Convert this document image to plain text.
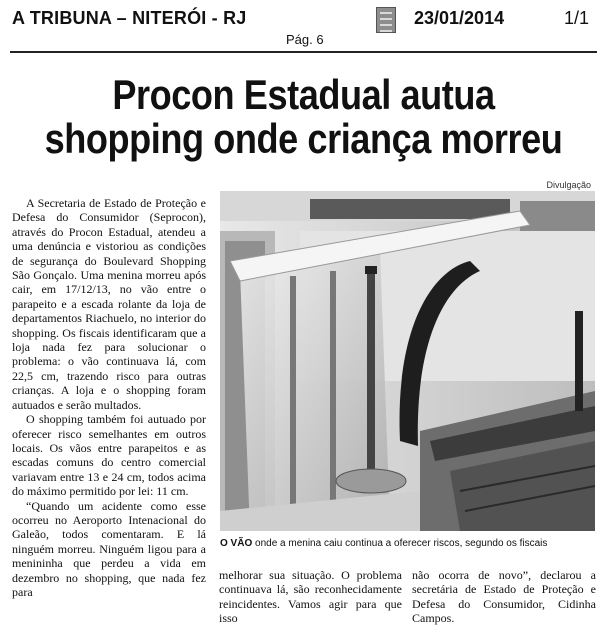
A TRIBUNA – NITERÓI - RJ	23/01/2014	1/1
Pág. 6
Procon Estadual autua
shopping onde criança morreu
Divulgação

A Secretaria de Estado de Proteção e Defesa do Consumidor (Seprocon), através do Procon Estadual, atendeu a uma denúncia e vistoriou as condições de segurança do Boulevard Shopping São Gonçalo. Uma menina morreu após cair, em 17/12/13, no vão entre o parapeito e a escada rolante da loja de departamentos Riachuelo, no interior do shopping. Os fiscais identificaram que a loja nada fez para solucionar o problema: o vão continuava lá, com 22,5 cm, trazendo risco para outras crianças. A loja e o shopping foram autuados e serão multados.

O shopping também foi autuado por oferecer risco semelhantes em outros locais. Os vãos entre parapeitos e as escadas comuns do centro comercial variavam entre 13 e 24 cm, todos acima do máximo permitido por lei: 11 cm.

“Quando um acidente como esse ocorreu no Aeroporto Intenacional do Galeão, todos comentaram. E lá ninguém morreu. Ninguém ligou para a menininha que perdeu a vida em dezembro no shopping, que nada fez para

O VÃO onde a menina caiu continua a oferecer riscos, segundo os fiscais

melhorar sua situação. O problema continuava lá, são reconhecidamente reincidentes. Vamos agir para que isso

não ocorra de novo”, declarou a secretária de Estado de Proteção e Defesa do Consumidor, Cidinha Campos.
